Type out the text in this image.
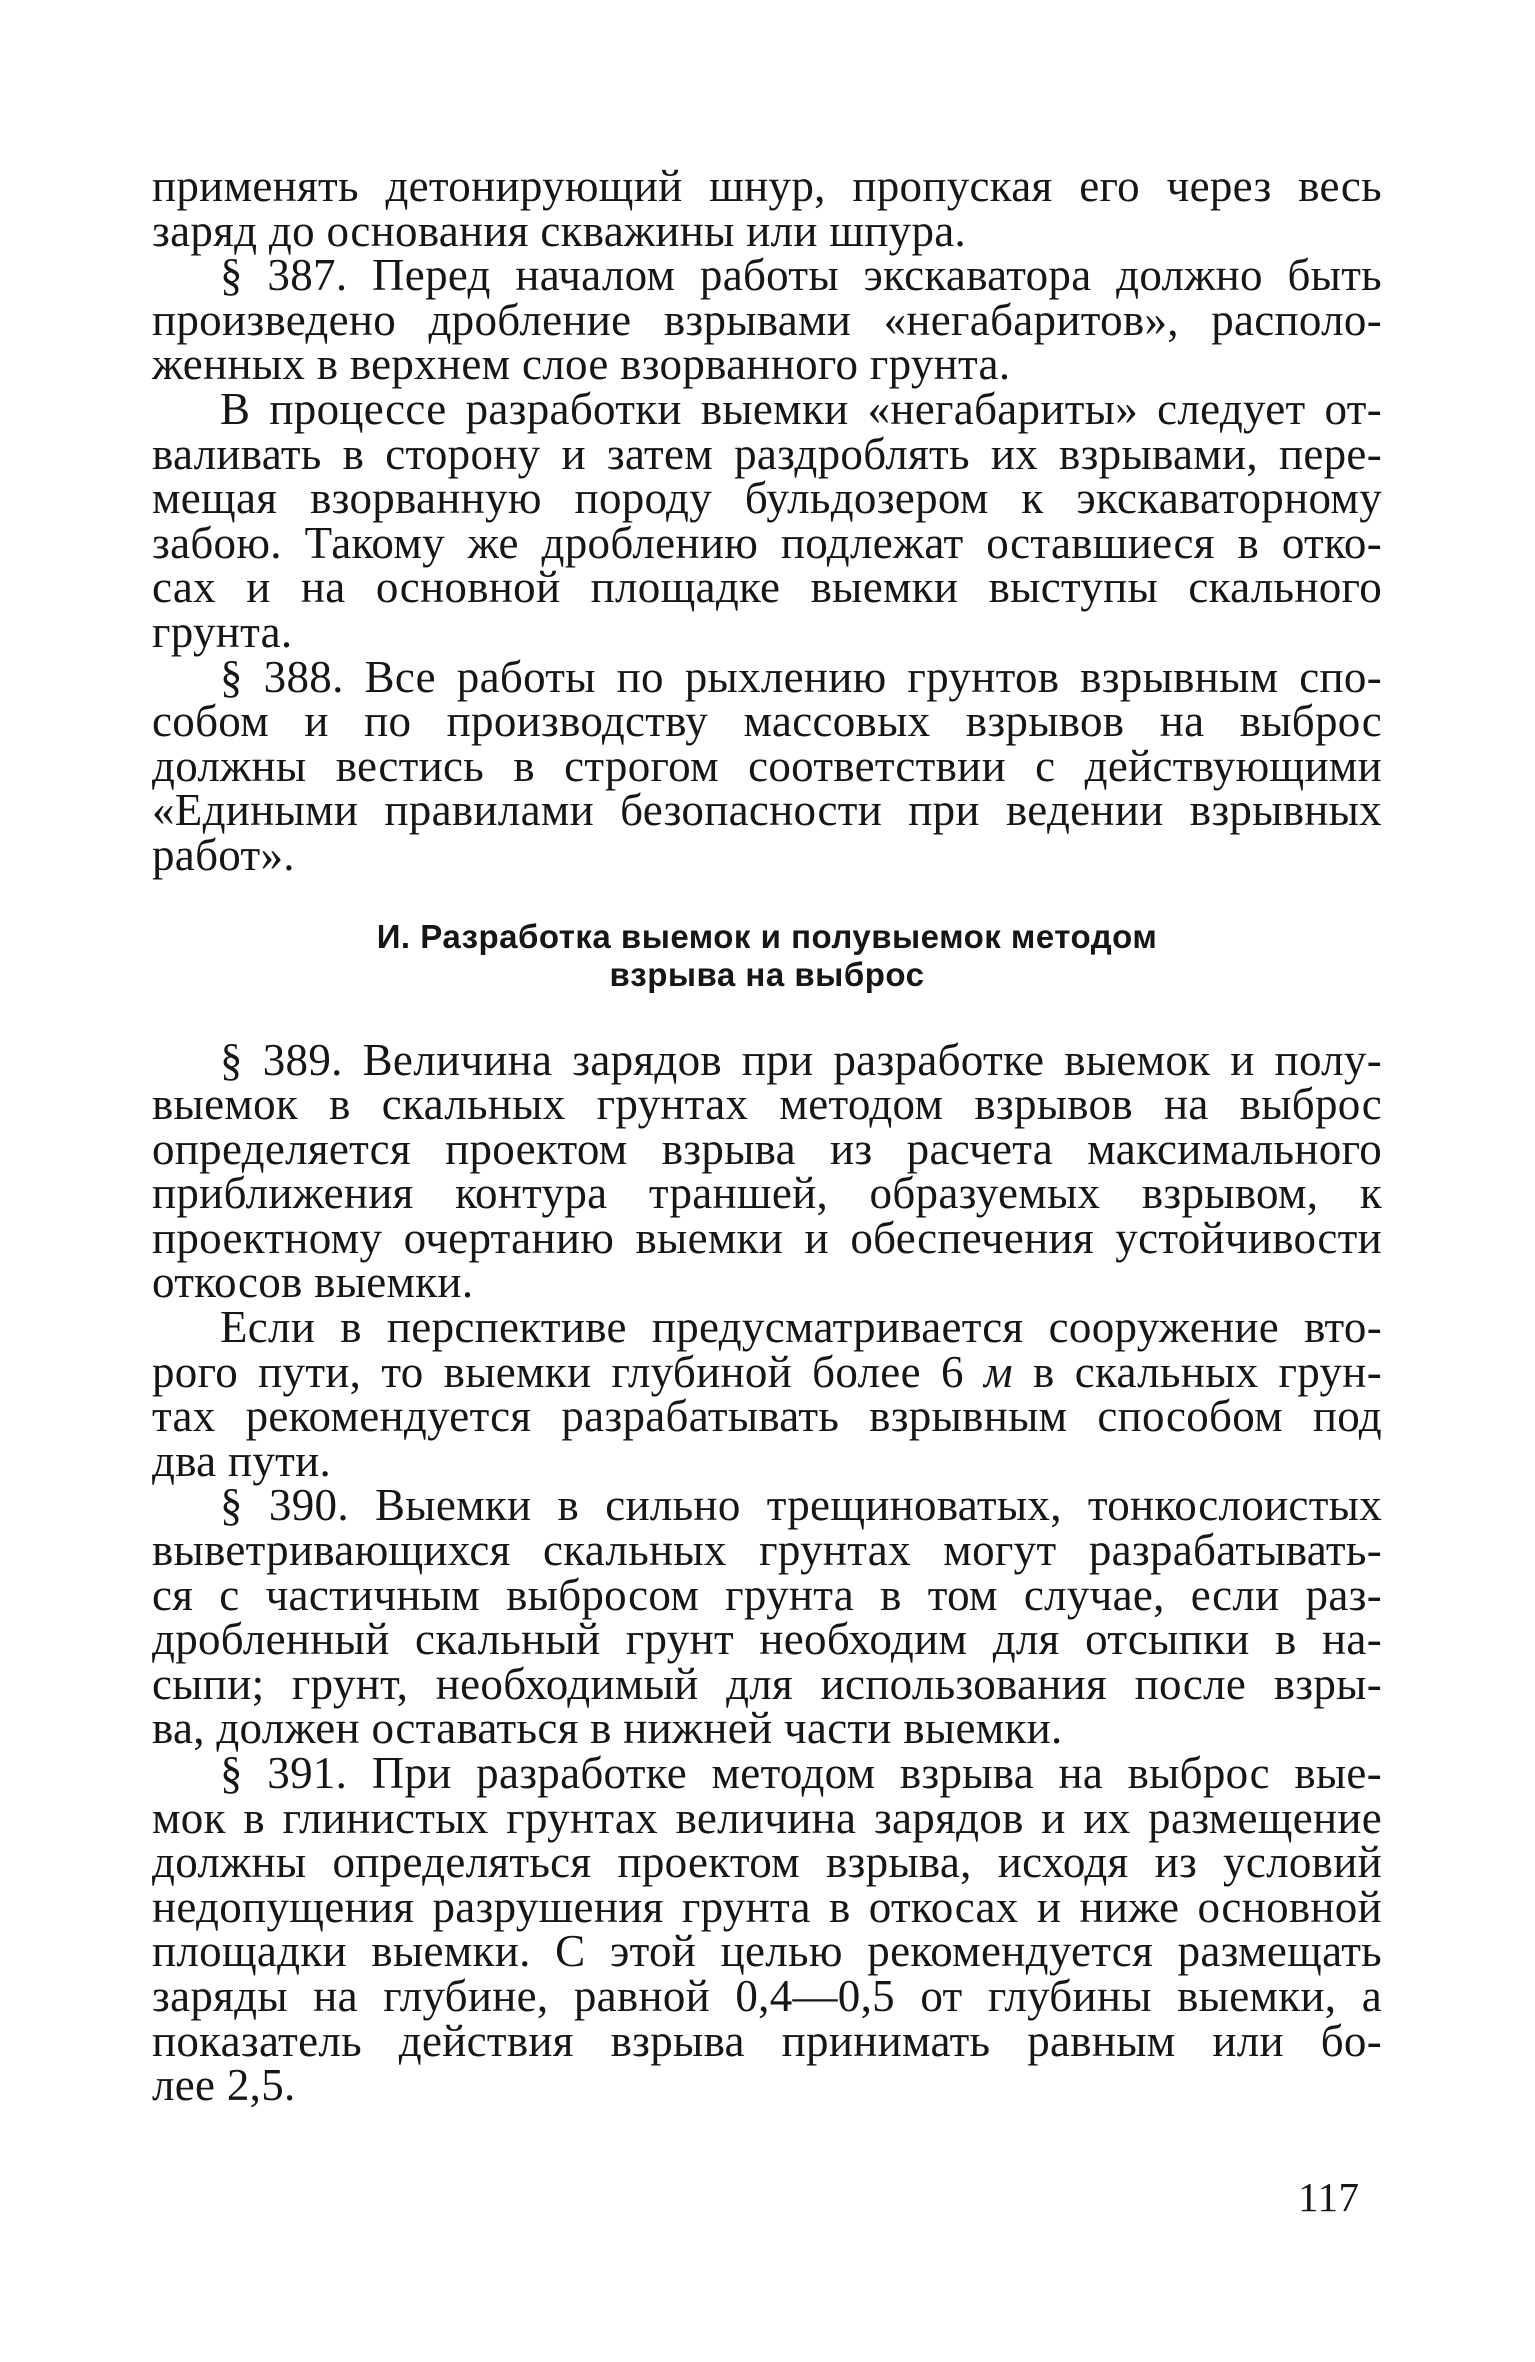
применять детонирующий шнур, пропуская его через весь
заряд до основания скважины или шпура.
§ 387. Перед началом работы экскаватора должно быть
произведено дробление взрывами «негабаритов», располо-
женных в верхнем слое взорванного грунта.
В процессе разработки выемки «негабариты» следует от-
валивать в сторону и затем раздроблять их взрывами, пере-
мещая взорванную породу бульдозером к экскаваторному
забою. Такому же дроблению подлежат оставшиеся в отко-
сах и на основной площадке выемки выступы скального
грунта.
§ 388. Все работы по рыхлению грунтов взрывным спо-
собом и по производству массовых взрывов на выброс
должны вестись в строгом соответствии с действующими
«Едиными правилами безопасности при ведении взрывных
работ».
И. Разработка выемок и полувыемок методом
взрыва на выброс
§ 389. Величина зарядов при разработке выемок и полу-
выемок в скальных грунтах методом взрывов на выброс
определяется проектом взрыва из расчета максимального
приближения контура траншей, образуемых взрывом, к
проектному очертанию выемки и обеспечения устойчивости
откосов выемки.
Если в перспективе предусматривается сооружение вто-
рого пути, то выемки глубиной более 6 м в скальных грун-
тах рекомендуется разрабатывать взрывным способом под
два пути.
§ 390. Выемки в сильно трещиноватых, тонкослоистых
выветривающихся скальных грунтах могут разрабатывать-
ся с частичным выбросом грунта в том случае, если раз-
дробленный скальный грунт необходим для отсыпки в на-
сыпи; грунт, необходимый для использования после взры-
ва, должен оставаться в нижней части выемки.
§ 391. При разработке методом взрыва на выброс вые-
мок в глинистых грунтах величина зарядов и их размещение
должны определяться проектом взрыва, исходя из условий
недопущения разрушения грунта в откосах и ниже основной
площадки выемки. С этой целью рекомендуется размещать
заряды на глубине, равной 0,4—0,5 от глубины выемки, а
показатель действия взрыва принимать равным или бо-
лее 2,5.
117
